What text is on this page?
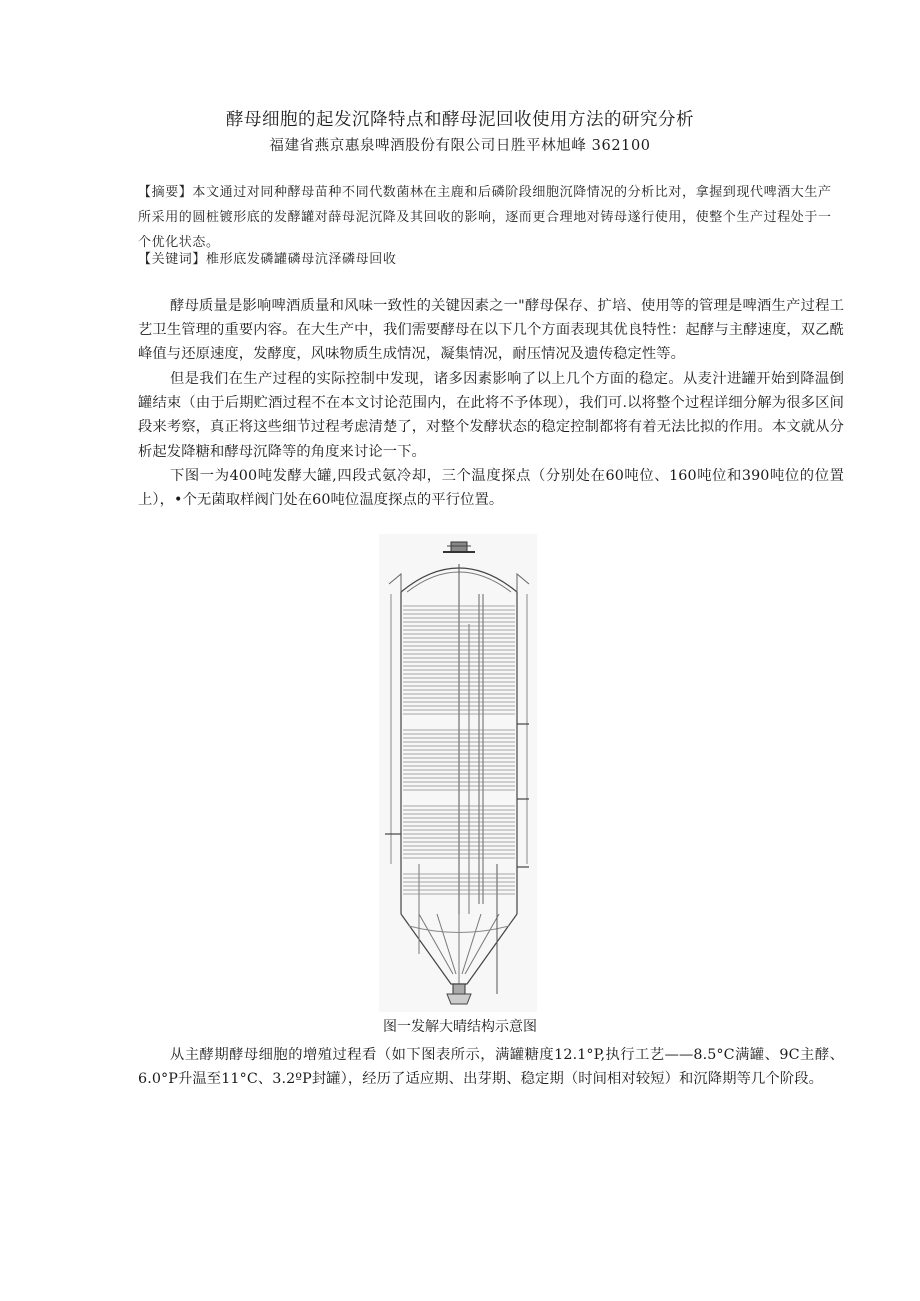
酵母细胞的起发沉降特点和酵母泥回收使用方法的研究分析
福建省燕京惠泉啤酒股份有限公司日胜平林旭峰 362100
【摘要】本文通过对同种酵母苗种不同代数菌林在主鹿和后磷阶段细胞沉降情况的分析比对，拿握到现代啤酒大生产所采用的圆桩镀形底的发酵罐对薛母泥沉降及其回收的影响，逐而更合理地对铸母遂行使用，使整个生产过程处于一个优化状态。
【关键词】椎形底发磷罐磷母沆泽磷母回收
酵母质量是影响啤酒质量和风味一致性的关键因素之一"酵母保存、扩培、使用等的管理是啤酒生产过程工艺卫生管理的重要内容。在大生产中，我们需要酵母在以下几个方面表现其优良特性：起酵与主酵速度，双乙酰峰值与还原速度，发酵度，风味物质生成情况，凝集情况，耐压情况及遗传稳定性等。
但是我们在生产过程的实际控制中发现，诸多因素影响了以上几个方面的稳定。从麦汁进罐开始到降温倒罐结束（由于后期贮酒过程不在本文讨论范围内，在此将不予体现），我们可.以将整个过程详细分解为很多区间段来考察，真正将这些细节过程考虑清楚了，对整个发酵状态的稳定控制都将有着无法比拟的作用。本文就从分析起发降糖和酵母沉降等的角度来讨论一下。
下图一为400吨发酵大罐,四段式氨冷却，三个温度探点（分别处在60吨位、160吨位和390吨位的位置上），•个无菌取样阀门处在60吨位温度探点的平行位置。
图一发解大晴结构示意图
从主酵期酵母细胞的增殖过程看（如下图表所示，满罐糖度12.1°P,执行工艺——8.5°C满罐、9C主酵、6.0°P升温至11°C、3.2ºP封罐），经历了适应期、出芽期、稳定期（时间相对较短）和沉降期等几个阶段。
